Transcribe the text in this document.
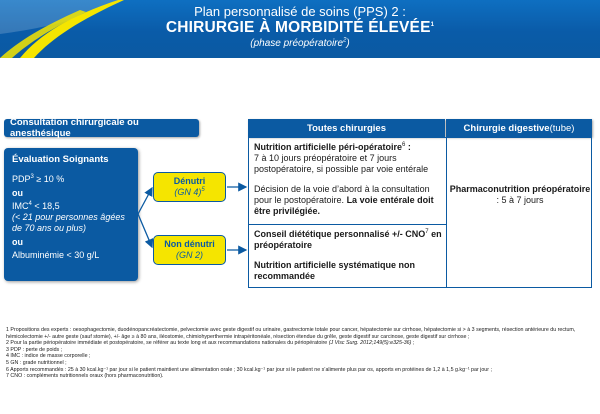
Plan personnalisé de soins (PPS) 2 :
CHIRURGIE À MORBIDITÉ ÉLEVÉE$^1$
(phase préopératoire$^2$)
Consultation chirurgicale ou anesthésique	Toutes chirurgies	Chirurgie digestive (tube)
Évaluation Soignants
$PDP^3 \ge 10$ %
ou
$IMC^4 < 18,5$
(< 21 pour personnes âgées de 70 ans ou plus)
ou
Albuminémie < 30 g/L
Dénutri
(GN 4)$^5$
Non dénutri
(GN 2)
Nutrition artificielle péri-opératoire$^6$ :
7 à 10 jours préopératoire et 7 jours postopératoire, si possible par voie entérale
Décision de la voie d’abord à la consultation pour le postopératoire. La voie entérale doit être privilégiée.
Conseil diététique personnalisé +/- CNO$^7$ en préopératoire
Nutrition artificielle systématique non recommandée
Pharmaconutrition préopératoire : 5 à 7 jours
1 Propositions des experts : oesophagectomie, duodénopancréatectomie, pelvectomie avec geste digestif ou urinaire, gastrectomie totale pour cancer, hépatectomie sur cirrhose, hépatectomie si > à 3 segments, résection antérieure du rectum, hémicolectomie +/- autre geste (sauf stomie), +/- âge ≥ à 80 ans, iléostomie, chimiohyperthermie intrapéritonéale, résection étendue du grêle, geste digestif sur carcinose, geste digestif sur cirrhose ;
2 Pour la partie périopératoire immédiate et postopératoire, se référer au texte long et aux recommandations nationales du périopératoire (J Visc Surg. 2012;149(5):e325-36) ;
3 PDP : perte de poids ;
4 IMC : indice de masse corporelle ;
5 GN : grade nutritionnel ;
6 Apports recommandés : 25 à 30 kcal.kg⁻¹ par jour si le patient maintient une alimentation orale ; 30 kcal.kg⁻¹ par jour si le patient ne s’alimente plus par os, apports en protéines de 1,2 à 1,5 g.kg⁻¹ par jour ;
7 CNO : compléments nutritionnels oraux (hors pharmaconutrition).
